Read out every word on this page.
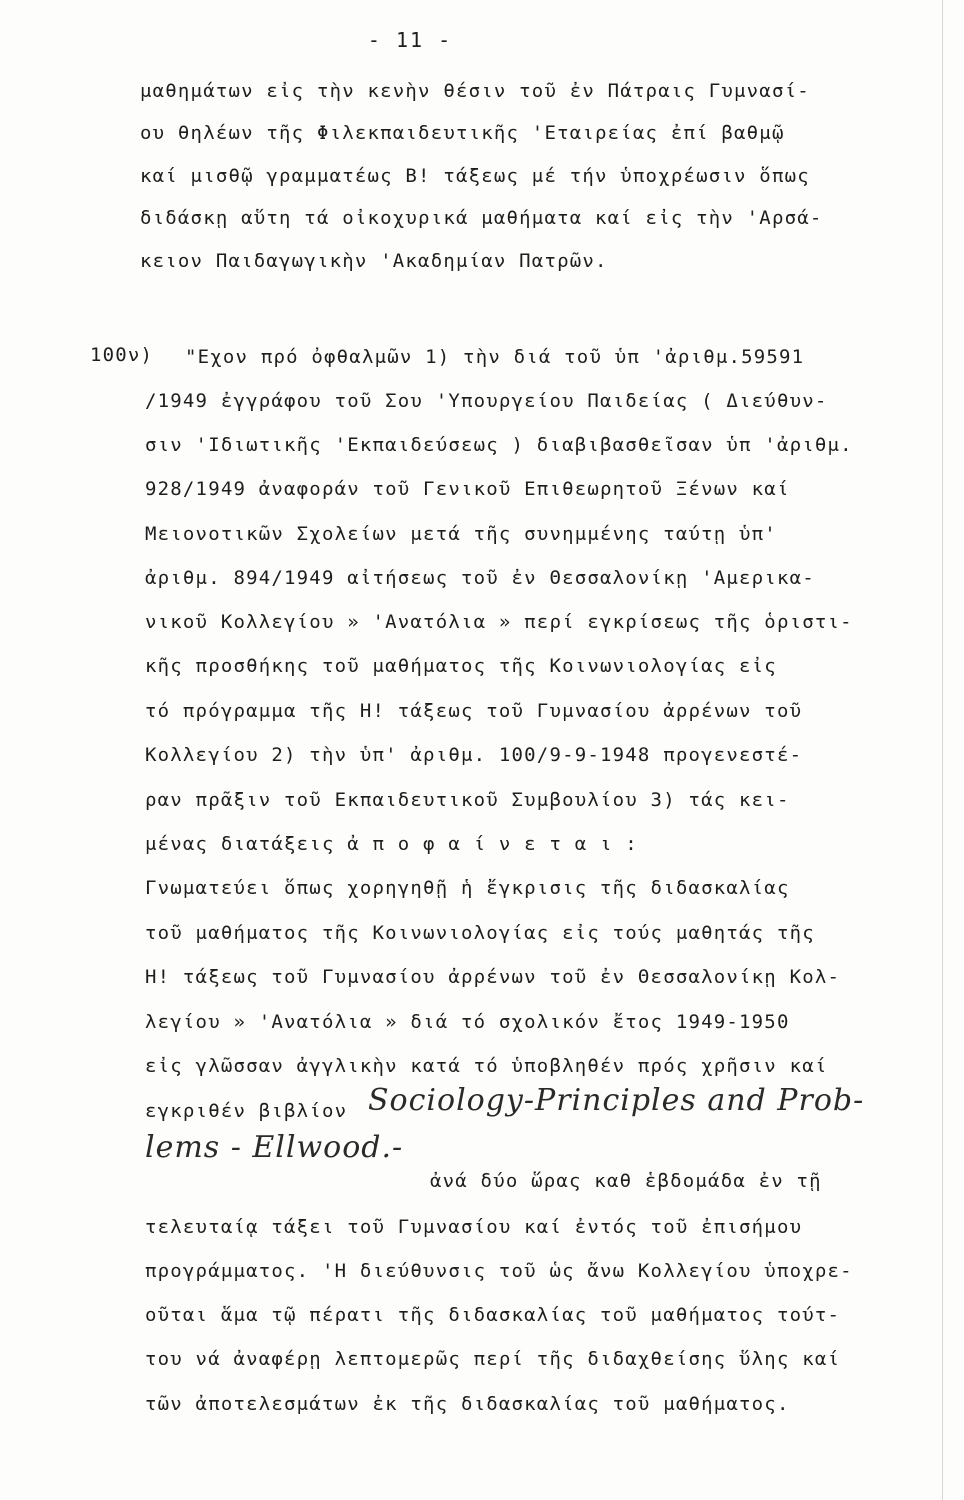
- 11 -
μαθημάτων εἰς τὴν κενὴν θέσιν τοῦ ἐν Πάτραις Γυμνασί-
ου θηλέων τῆς Φιλεκπαιδευτικῆς 'Εταιρείας ἐπί βαθμῷ
καί μισθῷ γραμματέως Β! τάξεως μέ τήν ὑποχρέωσιν ὅπως
διδάσκῃ αὕτη τά οἰκοχυρικά μαθήματα καί εἰς τὴν 'Αρσά-
κειον Παιδαγωγικὴν 'Ακαδημίαν Πατρῶν.
100ν) "Εχον πρό ὀφθαλμῶν 1) τὴν διά τοῦ ὑπ 'ἀριθμ.59591
/1949 ἐγγράφου τοῦ Σου 'Υπουργείου Παιδείας ( Διεύθυν-
σιν 'Ιδιωτικῆς 'Εκπαιδεύσεως ) διαβιβασθεῖσαν ὑπ 'ἀριθμ.
928/1949 ἀναφοράν τοῦ Γενικοῦ Επιθεωρητοῦ Ξένων καί
Μειονοτικῶν Σχολείων μετά τῆς συνημμένης ταύτῃ ὑπ'
ἀριθμ. 894/1949 αἰτήσεως τοῦ ἐν Θεσσαλονίκῃ 'Αμερικα-
νικοῦ Κολλεγίου » 'Ανατόλια » περί εγκρίσεως τῆς ὁριστι-
κῆς προσθήκης τοῦ μαθήματος τῆς Κοινωνιολογίας εἰς
τό πρόγραμμα τῆς Η! τάξεως τοῦ Γυμνασίου ἀρρένων τοῦ
Κολλεγίου 2) τὴν ὑπ' ἀριθμ. 100/9-9-1948 προγενεστέ-
ραν πρᾶξιν τοῦ Εκπαιδευτικοῦ Συμβουλίου 3) τάς κει-
μένας διατάξεις ἀ π ο φ α ί ν ε τ α ι :
Γνωματεύει ὅπως χορηγηθῇ ἡ ἔγκρισις τῆς διδασκαλίας
τοῦ μαθήματος τῆς Κοινωνιολογίας εἰς τούς μαθητάς τῆς
Η! τάξεως τοῦ Γυμνασίου ἀρρένων τοῦ ἐν Θεσσαλονίκῃ Κολ-
λεγίου » 'Ανατόλια » διά τό σχολικόν ἔτος 1949-1950
εἰς γλῶσσαν ἀγγλικὴν κατά τό ὑποβληθέν πρός χρῆσιν καί
εγκριθέν βιβλίον Sociology-Principles and Prob-
lems - Ellwood.-
ἀνά δύο ὥρας καθ ἑβδομάδα ἐν τῇ
τελευταίᾳ τάξει τοῦ Γυμνασίου καί ἐντός τοῦ ἐπισήμου
προγράμματος. 'Η διεύθυνσις τοῦ ὡς ἄνω Κολλεγίου ὑποχρε-
οῦται ἅμα τῷ πέρατι τῆς διδασκαλίας τοῦ μαθήματος τούτ-
του νά ἀναφέρῃ λεπτομερῶς περί τῆς διδαχθείσης ὕλης καί
τῶν ἀποτελεσμάτων ἐκ τῆς διδασκαλίας τοῦ μαθήματος.
